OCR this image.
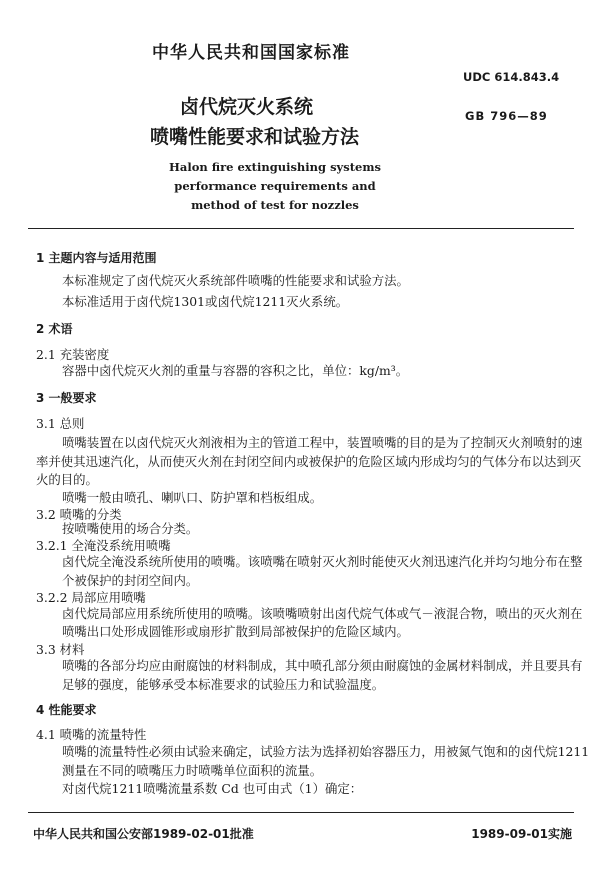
中华人民共和国国家标准
UDC 614.843.4
卤代烷灭火系统	GB 796—89
喷嘴性能要求和试验方法
Halon fire extinguishing systems performance requirements and method of test for nozzles
1 主题内容与适用范围
本标准规定了卤代烷灭火系统部件喷嘴的性能要求和试验方法。
本标准适用于卤代烷1301或卤代烷1211灭火系统。
2 术语
2.1 充装密度
容器中卤代烷灭火剂的重量与容器的容积之比，单位：kg/m³。
3 一般要求
3.1 总则
喷嘴装置在以卤代烷灭火剂液相为主的管道工程中，装置喷嘴的目的是为了控制灭火剂喷射的速
率并使其迅速汽化，从而使灭火剂在封闭空间内或被保护的危险区域内形成均匀的气体分布以达到灭
火的目的。
喷嘴一般由喷孔、喇叭口、防护罩和档板组成。
3.2 喷嘴的分类
按喷嘴使用的场合分类。
3.2.1 全淹没系统用喷嘴
卤代烷全淹没系统所使用的喷嘴。该喷嘴在喷射灭火剂时能使灭火剂迅速汽化并均匀地分布在整
个被保护的封闭空间内。
3.2.2 局部应用喷嘴
卤代烷局部应用系统所使用的喷嘴。该喷嘴喷射出卤代烷气体或气－液混合物，喷出的灭火剂在
喷嘴出口处形成圆锥形或扇形扩散到局部被保护的危险区域内。
3.3 材料
喷嘴的各部分均应由耐腐蚀的材料制成，其中喷孔部分须由耐腐蚀的金属材料制成，并且要具有
足够的强度，能够承受本标准要求的试验压力和试验温度。
4 性能要求
4.1 喷嘴的流量特性
喷嘴的流量特性必须由试验来确定，试验方法为选择初始容器压力，用被氮气饱和的卤代烷1211
测量在不同的喷嘴压力时喷嘴单位面积的流量。
对卤代烷1211喷嘴流量系数 Cd 也可由式（1）确定：
中华人民共和国公安部1989-02-01批准	1989-09-01实施
